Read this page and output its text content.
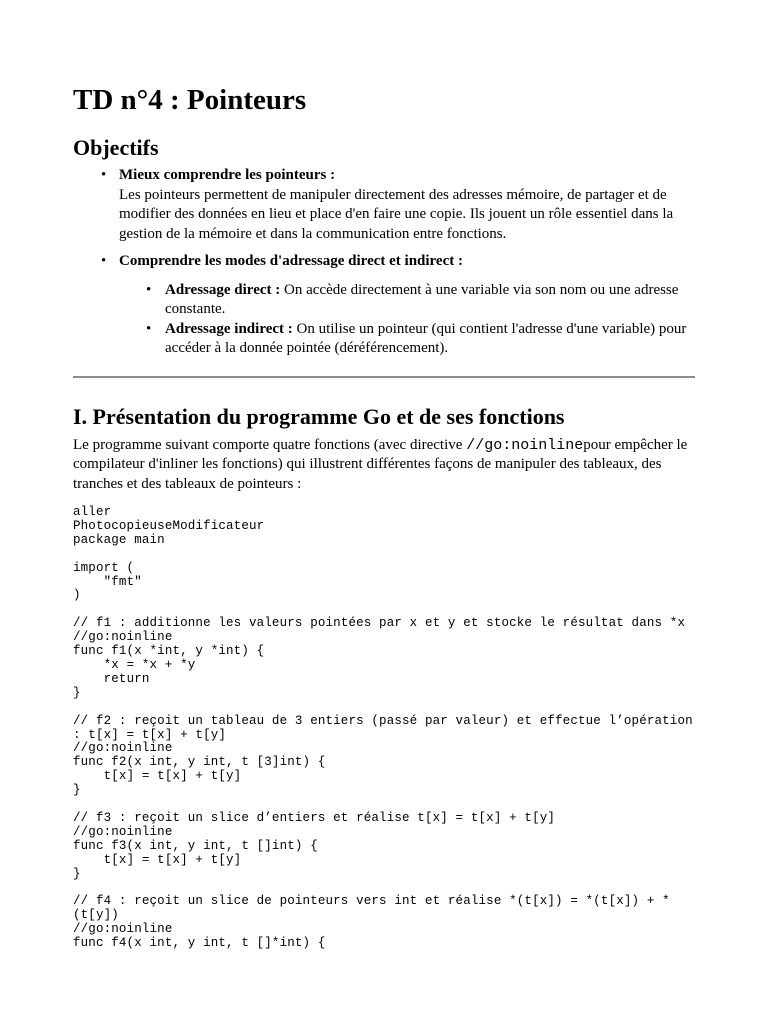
TD n°4 : Pointeurs
Objectifs
• Mieux comprendre les pointeurs :
Les pointeurs permettent de manipuler directement des adresses mémoire, de partager et de modifier des données en lieu et place d'en faire une copie. Ils jouent un rôle essentiel dans la gestion de la mémoire et dans la communication entre fonctions.
• Comprendre les modes d'adressage direct et indirect :
• Adressage direct : On accède directement à une variable via son nom ou une adresse constante.
• Adressage indirect : On utilise un pointeur (qui contient l'adresse d'une variable) pour accéder à la donnée pointée (déréférencement).
I. Présentation du programme Go et de ses fonctions

Le programme suivant comporte quatre fonctions (avec directive //go:noinlinepour empêcher le compilateur d'inliner les fonctions) qui illustrent différentes façons de manipuler des tableaux, des tranches et des tableaux de pointeurs :

aller
PhotocopieuseModificateur
package main

import (
"fmt"
)

// f1 : additionne les valeurs pointées par x et y et stocke le résultat dans *x
//go:noinline
func f1(x *int, y *int) {
*x = *x + *y
return
}

// f2 : reçoit un tableau de 3 entiers (passé par valeur) et effectue l’opération : t[x] = t[x] + t[y]
//go:noinline
func f2(x int, y int, t [3]int) {
t[x] = t[x] + t[y]
}

// f3 : reçoit un slice d’entiers et réalise t[x] = t[x] + t[y]
//go:noinline
func f3(x int, y int, t []int) {
t[x] = t[x] + t[y]
}

// f4 : reçoit un slice de pointeurs vers int et réalise *(t[x]) = *(t[x]) + *(t[y])
//go:noinline
func f4(x int, y int, t []*int) {
